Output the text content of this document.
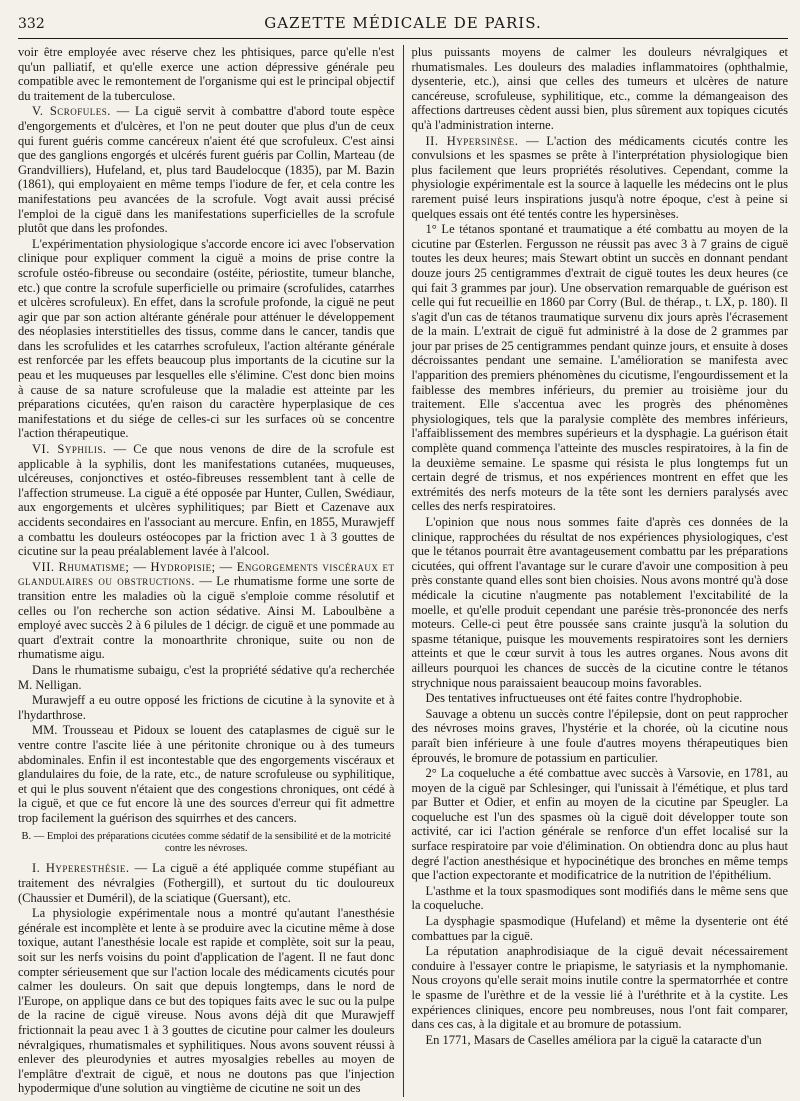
332	GAZETTE MÉDICALE DE PARIS.

voir être employée avec réserve chez les phtisiques, parce qu'elle n'est qu'un palliatif, et qu'elle exerce une action dépressive générale peu compatible avec le remontement de l'organisme qui est le principal objectif du traitement de la tuberculose.

V. Scrofules. — La ciguë servit à combattre d'abord toute espèce d'engorgements et d'ulcères, et l'on ne peut douter que plus d'un de ceux qui furent guéris comme cancéreux n'aient été que scrofuleux. C'est ainsi que des ganglions engorgés et ulcérés furent guéris par Collin, Marteau (de Grandvilliers), Hufeland, et, plus tard Baudelocque (1835), par M. Bazin (1861), qui employaient en même temps l'iodure de fer, et cela contre les manifestations peu avancées de la scrofule. Vogt avait aussi précisé l'emploi de la ciguë dans les manifestations superficielles de la scrofule plutôt que dans les profondes.

L'expérimentation physiologique s'accorde encore ici avec l'observation clinique pour expliquer comment la ciguë a moins de prise contre la scrofule ostéo-fibreuse ou secondaire (ostéite, périostite, tumeur blanche, etc.) que contre la scrofule superficielle ou primaire (scrofulides, catarrhes et ulcères scrofuleux). En effet, dans la scrofule profonde, la ciguë ne peut agir que par son action altérante générale pour atténuer le développement des néoplasies interstitielles des tissus, comme dans le cancer, tandis que dans les scrofulides et les catarrhes scrofuleux, l'action altérante générale est renforcée par les effets beaucoup plus importants de la cicutine sur la peau et les muqueuses par lesquelles elle s'élimine. C'est donc bien moins à cause de sa nature scrofuleuse que la maladie est atteinte par les préparations cicutées, qu'en raison du caractère hyperplasique de ces manifestations et du siége de celles-ci sur les surfaces où se concentre l'action thérapeutique.

VI. Syphilis. — Ce que nous venons de dire de la scrofule est applicable à la syphilis, dont les manifestations cutanées, muqueuses, ulcéreuses, conjonctives et ostéo-fibreuses ressemblent tant à celle de l'affection strumeuse. La ciguë a été opposée par Hunter, Cullen, Swédiaur, aux engorgements et ulcères syphilitiques; par Biett et Cazenave aux accidents secondaires en l'associant au mercure. Enfin, en 1855, Murawjeff a combattu les douleurs ostéocopes par la friction avec 1 à 3 gouttes de cicutine sur la peau préalablement lavée à l'alcool.

VII. Rhumatisme; — Hydropisie; — Engorgements viscéraux et glandulaires ou obstructions. — Le rhumatisme forme une sorte de transition entre les maladies où la ciguë s'emploie comme résolutif et celles ou l'on recherche son action sédative. Ainsi M. Laboulbène a employé avec succès 2 à 6 pilules de 1 décigr. de ciguë et une pommade au quart d'extrait contre la monoarthrite chronique, suite ou non de rhumatisme aigu.

Dans le rhumatisme subaigu, c'est la propriété sédative qu'a recherchée M. Nelligan.

Murawjeff a eu outre opposé les frictions de cicutine à la synovite et à l'hydarthrose.

MM. Trousseau et Pidoux se louent des cataplasmes de ciguë sur le ventre contre l'ascite liée à une péritonite chronique ou à des tumeurs abdominales. Enfin il est incontestable que des engorgements viscéraux et glandulaires du foie, de la rate, etc., de nature scrofuleuse ou syphilitique, et qui le plus souvent n'étaient que des congestions chroniques, ont cédé à la ciguë, et que ce fut encore là une des sources d'erreur qui fit admettre trop facilement la guérison des squirrhes et des cancers.

B. — Emploi des préparations cicutées comme sédatif de la sensibilité et de la motricité contre les névroses.

I. Hyperesthésie. — La ciguë a été appliquée comme stupéfiant au traitement des névralgies (Fothergill), et surtout du tic douloureux (Chaussier et Duméril), de la sciatique (Guersant), etc.

La physiologie expérimentale nous a montré qu'autant l'anesthésie générale est incomplète et lente à se produire avec la cicutine même à dose toxique, autant l'anesthésie locale est rapide et complète, soit sur la peau, soit sur les nerfs voisins du point d'application de l'agent. Il ne faut donc compter sérieusement que sur l'action locale des médicaments cicutés pour calmer les douleurs. On sait que depuis longtemps, dans le nord de l'Europe, on applique dans ce but des topiques faits avec le suc ou la pulpe de la racine de ciguë vireuse. Nous avons déjà dit que Murawjeff frictionnait la peau avec 1 à 3 gouttes de cicutine pour calmer les douleurs névralgiques, rhumatismales et syphilitiques. Nous avons souvent réussi à enlever des pleurodynies et autres myosalgies rebelles au moyen de l'emplâtre d'extrait de ciguë, et nous ne doutons pas que l'injection hypodermique d'une solution au vingtième de cicutine ne soit un des

plus puissants moyens de calmer les douleurs névralgiques et rhumatismales. Les douleurs des maladies inflammatoires (ophthalmie, dysenterie, etc.), ainsi que celles des tumeurs et ulcères de nature cancéreuse, scrofuleuse, syphilitique, etc., comme la démangeaison des affections dartreuses cèdent aussi bien, plus sûrement aux topiques cicutés qu'à l'administration interne.

II. Hypersinèse. — L'action des médicaments cicutés contre les convulsions et les spasmes se prête à l'interprétation physiologique bien plus facilement que leurs propriétés résolutives. Cependant, comme la physiologie expérimentale est la source à laquelle les médecins ont le plus rarement puisé leurs inspirations jusqu'à notre époque, c'est à peine si quelques essais ont été tentés contre les hypersinèses.

1° Le tétanos spontané et traumatique a été combattu au moyen de la cicutine par Œsterlen. Fergusson ne réussit pas avec 3 à 7 grains de ciguë toutes les deux heures; mais Stewart obtint un succès en donnant pendant douze jours 25 centigrammes d'extrait de ciguë toutes les deux heures (ce qui fait 3 grammes par jour). Une observation remarquable de guérison est celle qui fut recueillie en 1860 par Corry (Bul. de thérap., t. LX, p. 180). Il s'agit d'un cas de tétanos traumatique survenu dix jours après l'écrasement de la main. L'extrait de ciguë fut administré à la dose de 2 grammes par jour par prises de 25 centigrammes pendant quinze jours, et ensuite à doses décroissantes pendant une semaine. L'amélioration se manifesta avec l'apparition des premiers phénomènes du cicutisme, l'engourdissement et la faiblesse des membres inférieurs, du premier au troisième jour du traitement. Elle s'accentua avec les progrès des phénomènes physiologiques, tels que la paralysie complète des membres inférieurs, l'affaiblissement des membres supérieurs et la dysphagie. La guérison était complète quand commença l'atteinte des muscles respiratoires, à la fin de la deuxième semaine. Le spasme qui résista le plus longtemps fut un certain degré de trismus, et nos expériences montrent en effet que les extrémités des nerfs moteurs de la tête sont les derniers paralysés avec celles des nerfs respiratoires.

L'opinion que nous nous sommes faite d'après ces données de la clinique, rapprochées du résultat de nos expériences physiologiques, c'est que le tétanos pourrait être avantageusement combattu par les préparations cicutées, qui offrent l'avantage sur le curare d'avoir une composition à peu près constante quand elles sont bien choisies. Nous avons montré qu'à dose médicale la cicutine n'augmente pas notablement l'excitabilité de la moelle, et qu'elle produit cependant une parésie très-prononcée des nerfs moteurs. Celle-ci peut être poussée sans crainte jusqu'à la solution du spasme tétanique, puisque les mouvements respiratoires sont les derniers atteints et que le cœur survit à tous les autres organes. Nous avons dit ailleurs pourquoi les chances de succès de la cicutine contre le tétanos strychnique nous paraissaient beaucoup moins favorables.

Des tentatives infructueuses ont été faites contre l'hydrophobie.

Sauvage a obtenu un succès contre l'épilepsie, dont on peut rapprocher des névroses moins graves, l'hystérie et la chorée, où la cicutine nous paraît bien inférieure à une foule d'autres moyens thérapeutiques bien éprouvés, le bromure de potassium en particulier.

2° La coqueluche a été combattue avec succès à Varsovie, en 1781, au moyen de la ciguë par Schlesinger, qui l'unissait à l'émétique, et plus tard par Butter et Odier, et enfin au moyen de la cicutine par Speugler. La coqueluche est l'un des spasmes où la ciguë doit développer toute son activité, car ici l'action générale se renforce d'un effet localisé sur la surface respiratoire par voie d'élimination. On obtiendra donc au plus haut degré l'action anesthésique et hypocinétique des bronches en même temps que l'action expectorante et modificatrice de la nutrition de l'épithélium.

L'asthme et la toux spasmodiques sont modifiés dans le même sens que la coqueluche.

La dysphagie spasmodique (Hufeland) et même la dysenterie ont été combattues par la ciguë.

La réputation anaphrodisiaque de la ciguë devait nécessairement conduire à l'essayer contre le priapisme, le satyriasis et la nymphomanie. Nous croyons qu'elle serait moins inutile contre la spermatorrhée et contre le spasme de l'urèthre et de la vessie lié à l'uréthrite et à la cystite. Les expériences cliniques, encore peu nombreuses, nous l'ont fait comparer, dans ces cas, à la digitale et au bromure de potassium.

En 1771, Masars de Caselles améliora par la ciguë la cataracte d'un
